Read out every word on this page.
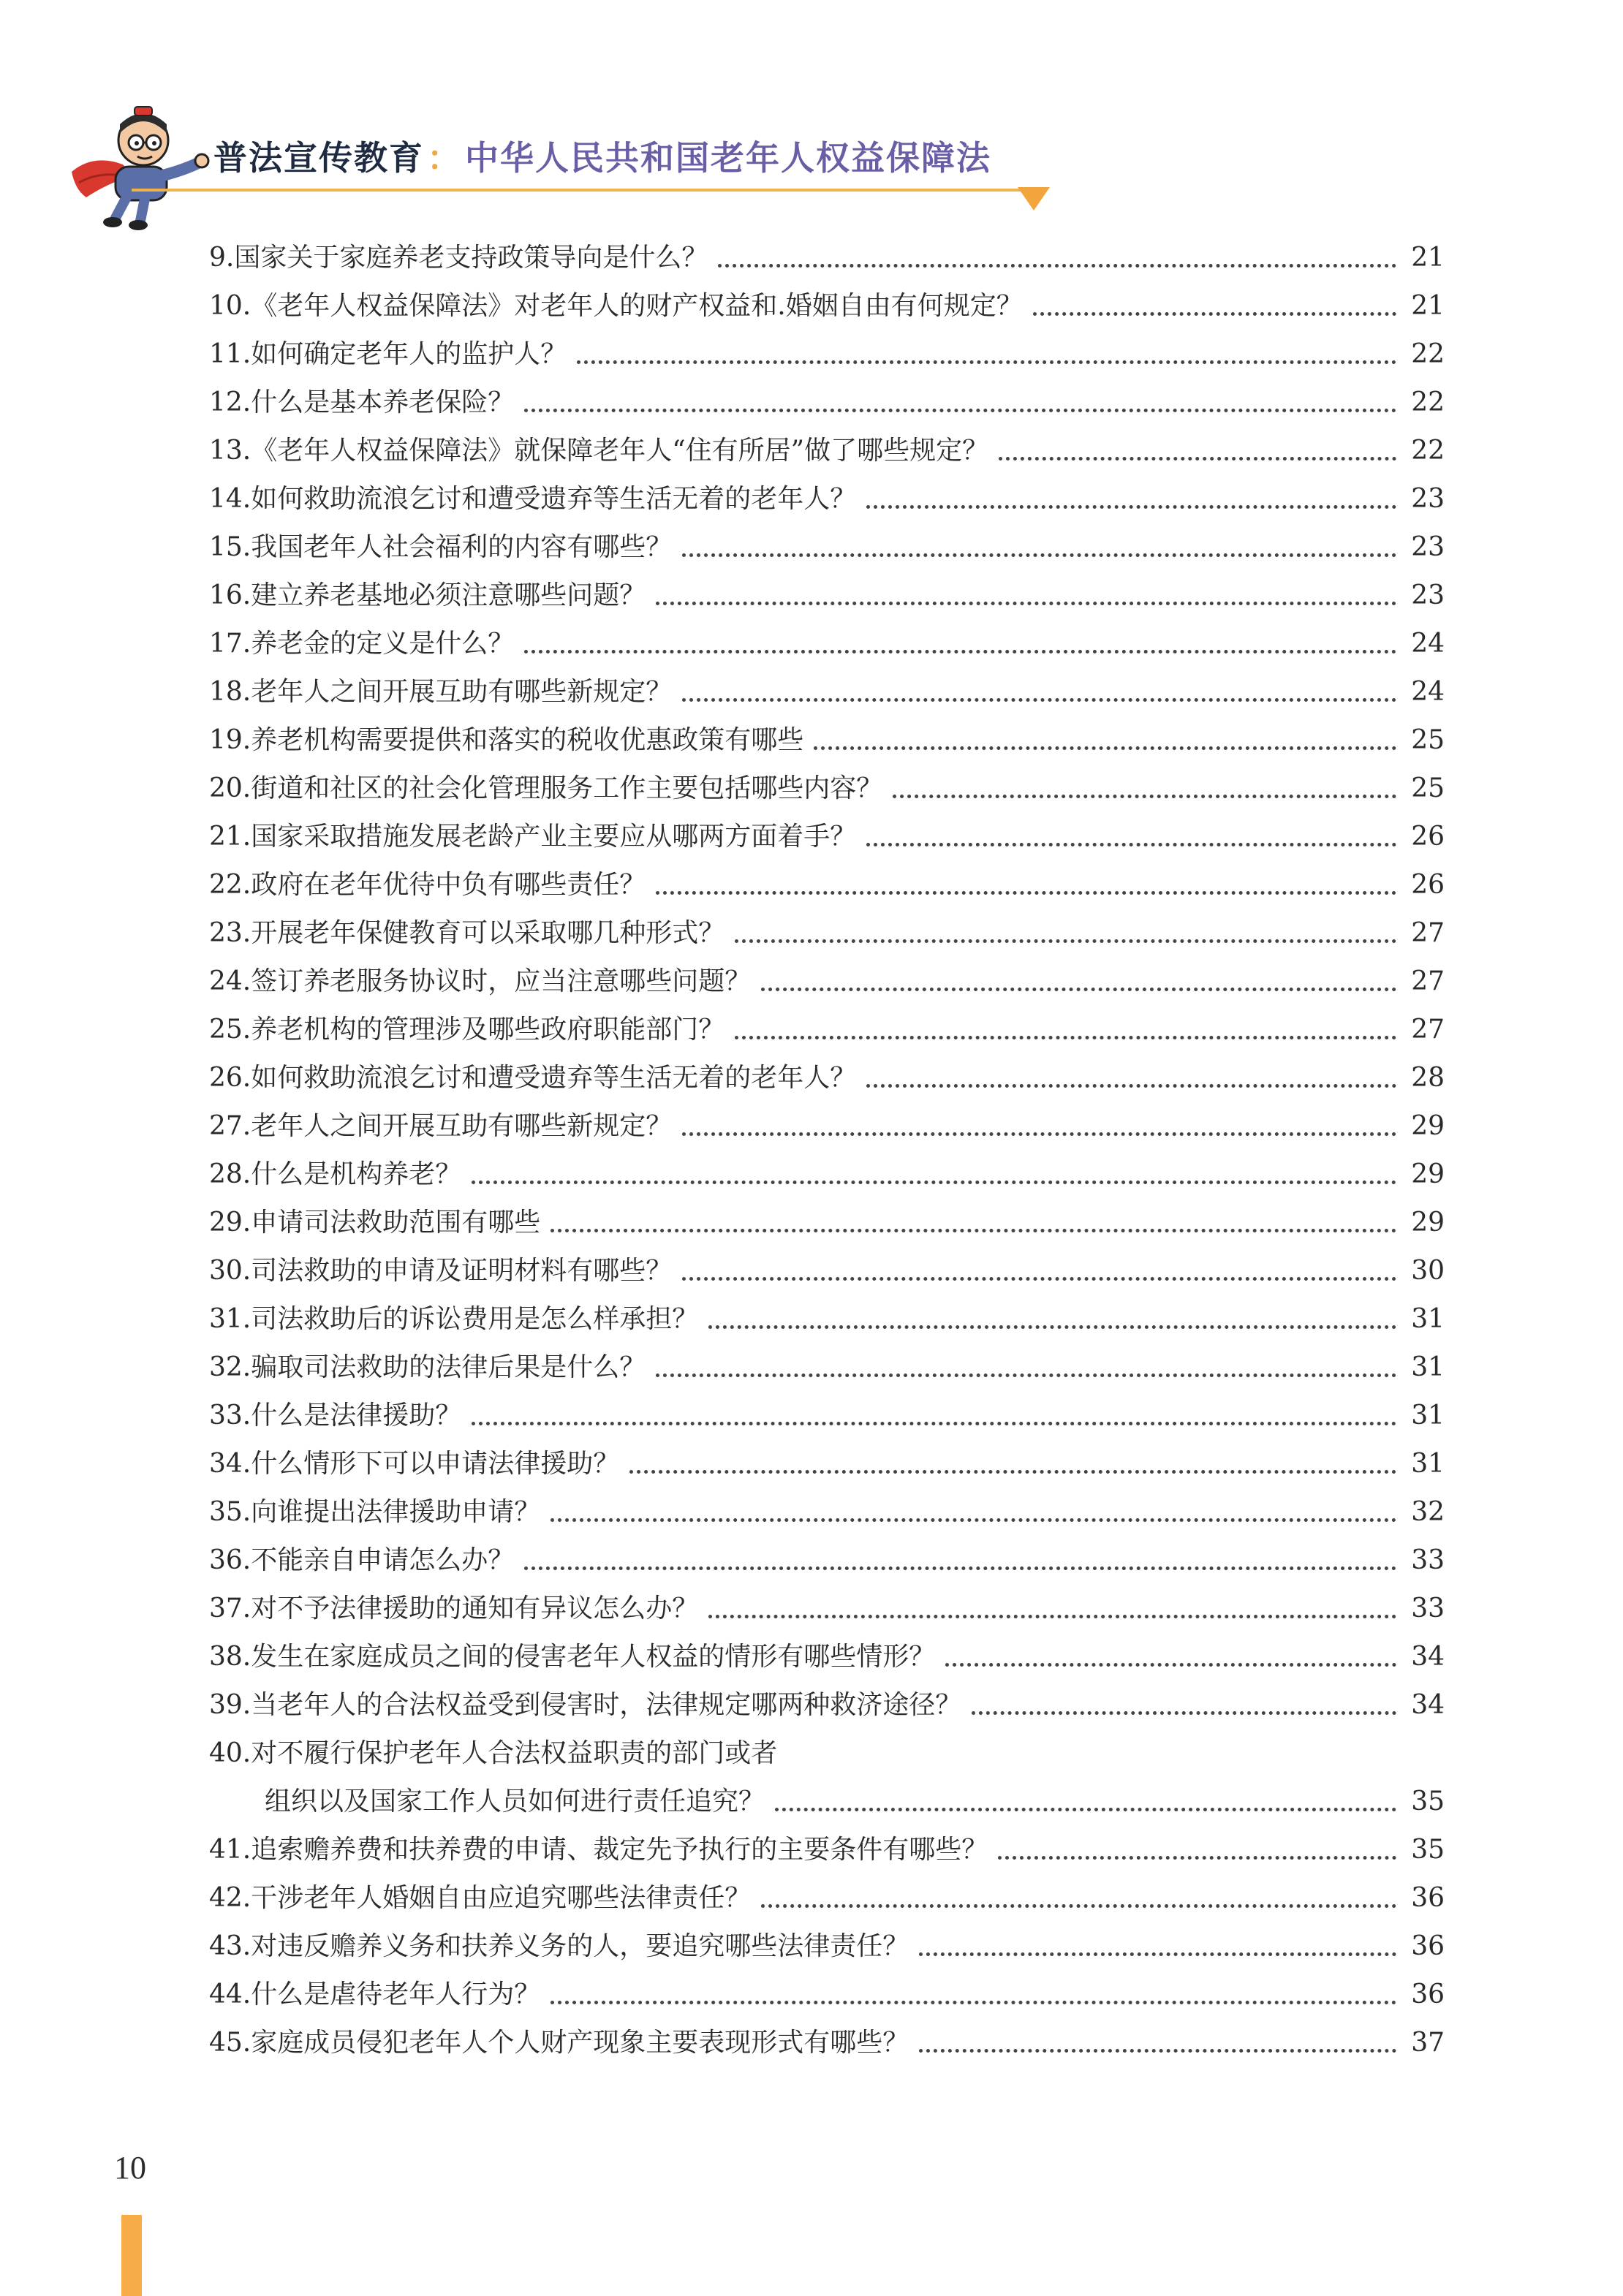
普法宣传教育 ： 中华人民共和国老年人权益保障法
9. 国家关于家庭养老支持政策导向是什么？	21
10. 《老年人权益保障法》对老年人的财产权益和.婚姻自由有何规定？	21
11. 如何确定老年人的监护人？	22
12. 什么是基本养老保险？	22
13. 《老年人权益保障法》就保障老年人“住有所居”做了哪些规定？	22
14. 如何救助流浪乞讨和遭受遗弃等生活无着的老年人？	23
15. 我国老年人社会福利的内容有哪些？	23
16. 建立养老基地必须注意哪些问题？	23
17. 养老金的定义是什么？	24
18. 老年人之间开展互助有哪些新规定？	24
19. 养老机构需要提供和落实的税收优惠政策有哪些	25
20. 街道和社区的社会化管理服务工作主要包括哪些内容？	25
21. 国家采取措施发展老龄产业主要应从哪两方面着手？	26
22. 政府在老年优待中负有哪些责任？	26
23. 开展老年保健教育可以采取哪几种形式？	27
24. 签订养老服务协议时，应当注意哪些问题？	27
25. 养老机构的管理涉及哪些政府职能部门？	27
26. 如何救助流浪乞讨和遭受遗弃等生活无着的老年人？	28
27. 老年人之间开展互助有哪些新规定？	29
28. 什么是机构养老？	29
29. 申请司法救助范围有哪些	29
30. 司法救助的申请及证明材料有哪些？	30
31. 司法救助后的诉讼费用是怎么样承担？	31
32. 骗取司法救助的法律后果是什么？	31
33. 什么是法律援助？	31
34. 什么情形下可以申请法律援助？	31
35. 向谁提出法律援助申请？	32
36. 不能亲自申请怎么办？	33
37. 对不予法律援助的通知有异议怎么办？	33
38. 发生在家庭成员之间的侵害老年人权益的情形有哪些情形？	34
39. 当老年人的合法权益受到侵害时，法律规定哪两种救济途径？	34
40. 对不履行保护老年人合法权益职责的部门或者
组织以及国家工作人员如何进行责任追究？	35
41. 追索赡养费和扶养费的申请、裁定先予执行的主要条件有哪些？	35
42. 干涉老年人婚姻自由应追究哪些法律责任？	36
43. 对违反赡养义务和扶养义务的人，要追究哪些法律责任？	36
44. 什么是虐待老年人行为？	36
45. 家庭成员侵犯老年人个人财产现象主要表现形式有哪些？	37
10
